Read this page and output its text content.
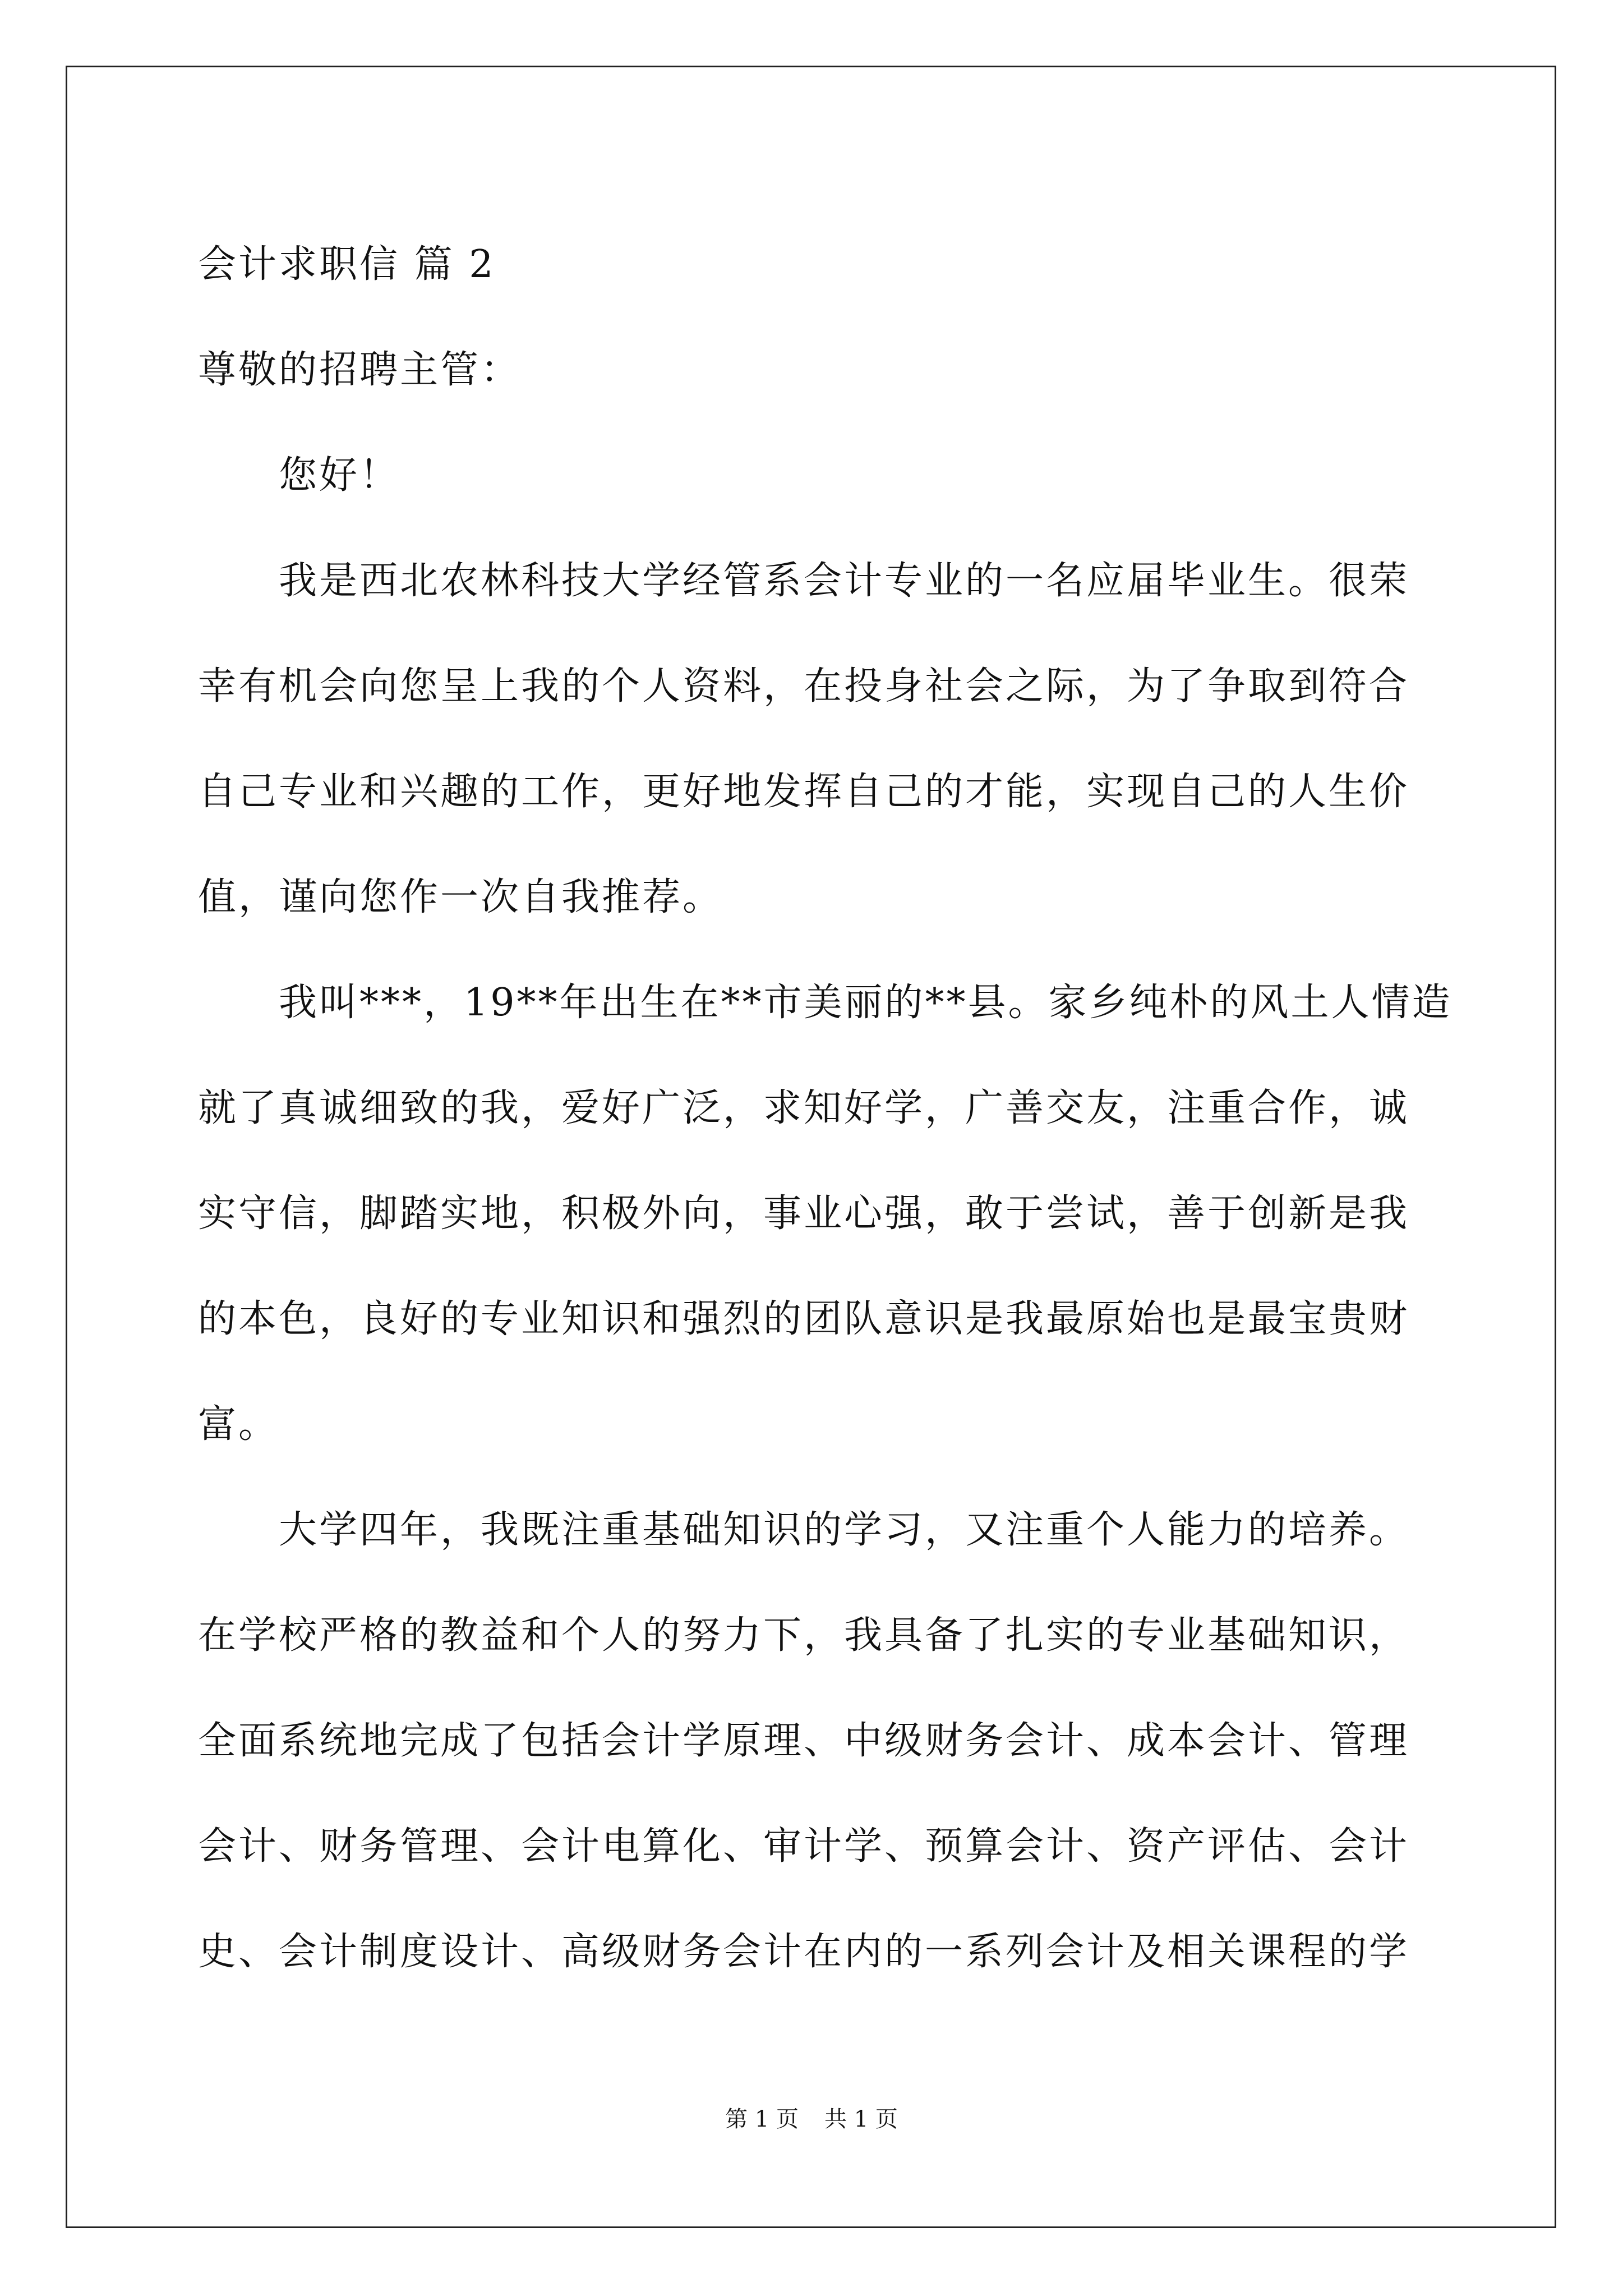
会计求职信 篇 2
尊敬的招聘主管：
您好！
我是西北农林科技大学经管系会计专业的一名应届毕业生。很荣
幸有机会向您呈上我的个人资料，在投身社会之际，为了争取到符合
自己专业和兴趣的工作，更好地发挥自己的才能，实现自己的人生价
值，谨向您作一次自我推荐。
我叫***，19**年出生在**市美丽的**县。家乡纯朴的风土人情造
就了真诚细致的我，爱好广泛，求知好学，广善交友，注重合作，诚
实守信，脚踏实地，积极外向，事业心强，敢于尝试，善于创新是我
的本色，良好的专业知识和强烈的团队意识是我最原始也是最宝贵财
富。
大学四年，我既注重基础知识的学习，又注重个人能力的培养。
在学校严格的教益和个人的努力下，我具备了扎实的专业基础知识，
全面系统地完成了包括会计学原理、中级财务会计、成本会计、管理
会计、财务管理、会计电算化、审计学、预算会计、资产评估、会计
史、会计制度设计、高级财务会计在内的一系列会计及相关课程的学
第 1 页 共 1 页
